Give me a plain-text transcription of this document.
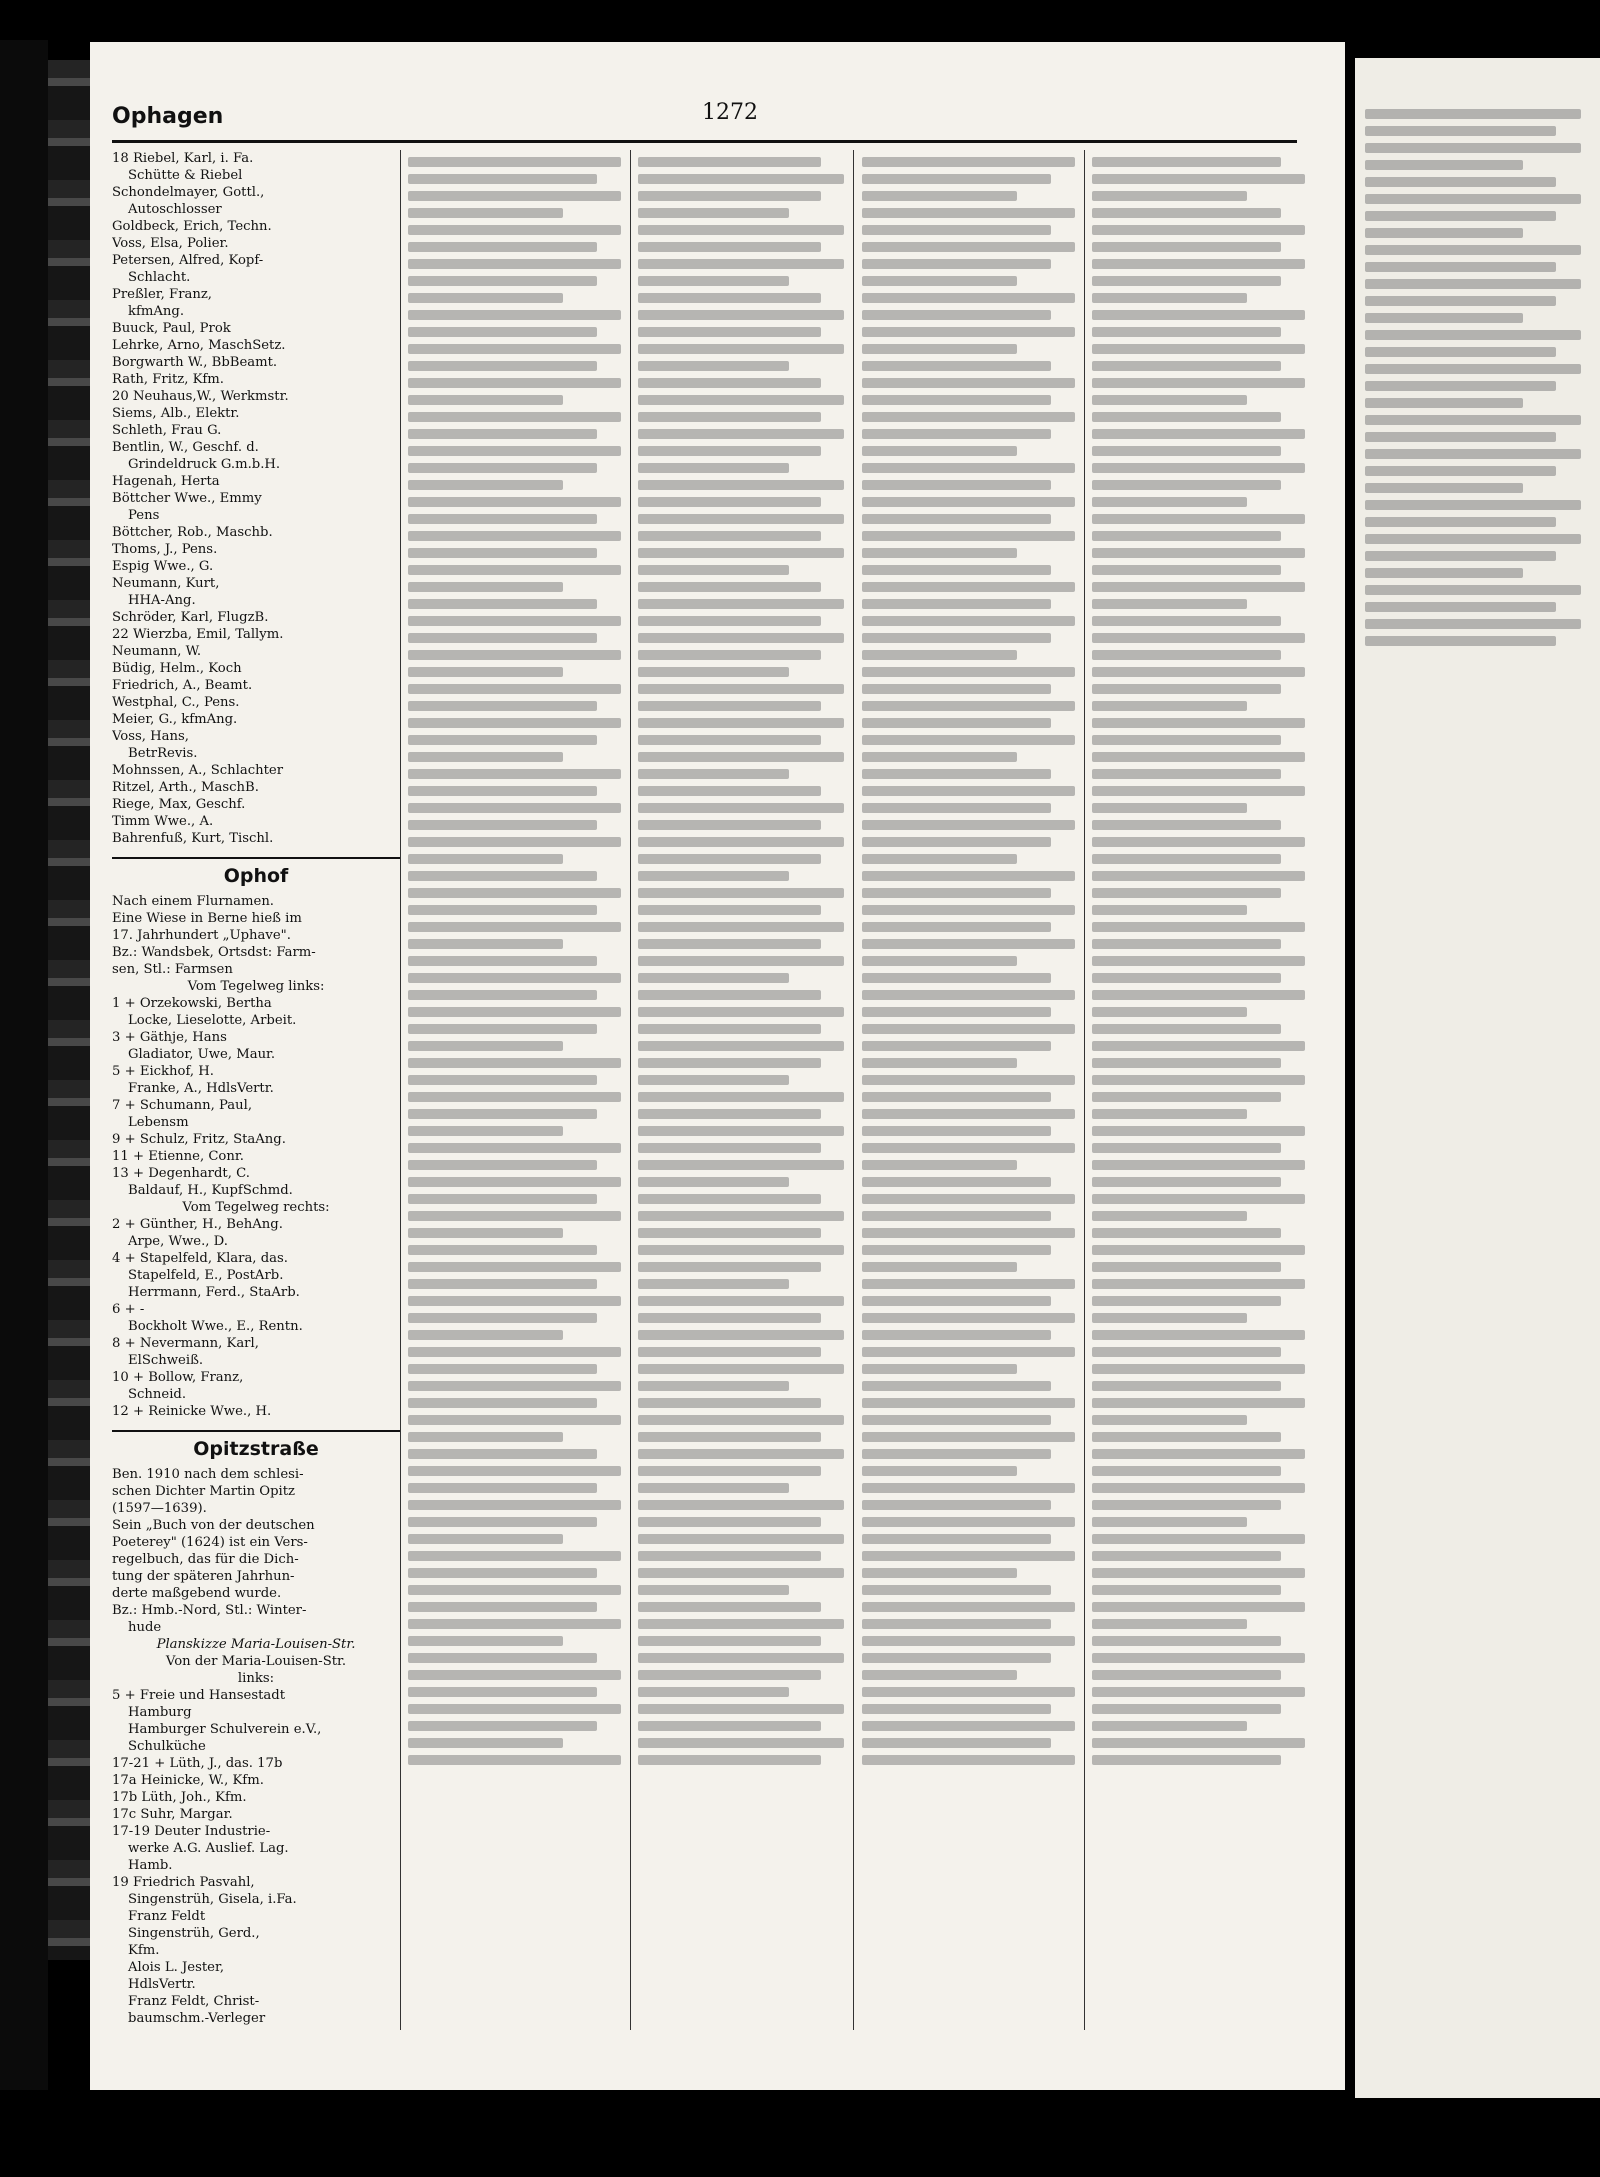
Ophagen	1272
18 Riebel, Karl, i. Fa.
Schütte & Riebel
Schondelmayer, Gottl.,
Autoschlosser
Goldbeck, Erich, Techn.
Voss, Elsa, Polier.
Petersen, Alfred, Kopf-
Schlacht.
Preßler, Franz,
kfmAng.
Buuck, Paul, Prok
Lehrke, Arno, MaschSetz.
Borgwarth W., BbBeamt.
Rath, Fritz, Kfm.
20 Neuhaus,W., Werkmstr.
Siems, Alb., Elektr.
Schleth, Frau G.
Bentlin, W., Geschf. d.
Grindeldruck G.m.b.H.
Hagenah, Herta
Böttcher Wwe., Emmy
Pens
Böttcher, Rob., Maschb.
Thoms, J., Pens.
Espig Wwe., G.
Neumann, Kurt,
HHA-Ang.
Schröder, Karl, FlugzB.
22 Wierzba, Emil, Tallym.
Neumann, W.
Büdig, Helm., Koch
Friedrich, A., Beamt.
Westphal, C., Pens.
Meier, G., kfmAng.
Voss, Hans,
BetrRevis.
Mohnssen, A., Schlachter
Ritzel, Arth., MaschB.
Riege, Max, Geschf.
Timm Wwe., A.
Bahrenfuß, Kurt, Tischl.
Ophof
Nach einem Flurnamen.
Eine Wiese in Berne hieß im
17. Jahrhundert „Uphave".
Bz.: Wandsbek, Ortsdst: Farm-
sen, Stl.: Farmsen
Vom Tegelweg links:
1 + Orzekowski, Bertha
Locke, Lieselotte, Arbeit.
3 + Gäthje, Hans
Gladiator, Uwe, Maur.
5 + Eickhof, H.
Franke, A., HdlsVertr.
7 + Schumann, Paul,
Lebensm
9 + Schulz, Fritz, StaAng.
11 + Etienne, Conr.
13 + Degenhardt, C.
Baldauf, H., KupfSchmd.
Vom Tegelweg rechts:
2 + Günther, H., BehAng.
Arpe, Wwe., D.
4 + Stapelfeld, Klara, das.
Stapelfeld, E., PostArb.
Herrmann, Ferd., StaArb.
6 + -
Bockholt Wwe., E., Rentn.
8 + Nevermann, Karl,
ElSchweiß.
10 + Bollow, Franz,
Schneid.
12 + Reinicke Wwe., H.
Opitzstraße
Ben. 1910 nach dem schlesi-
schen Dichter Martin Opitz
(1597—1639).
Sein „Buch von der deutschen
Poeterey" (1624) ist ein Vers-
regelbuch, das für die Dich-
tung der späteren Jahrhun-
derte maßgebend wurde.
Bz.: Hmb.-Nord, Stl.: Winter-
hude
Planskizze Maria-Louisen-Str.
Von der Maria-Louisen-Str.
links:
5 + Freie und Hansestadt
Hamburg
Hamburger Schulverein e.V.,
Schulküche
17-21 + Lüth, J., das. 17b
17a Heinicke, W., Kfm.
17b Lüth, Joh., Kfm.
17c Suhr, Margar.
17-19 Deuter Industrie-
werke A.G. Auslief. Lag.
Hamb.
19 Friedrich Pasvahl,
Singenstrüh, Gisela, i.Fa.
Franz Feldt
Singenstrüh, Gerd.,
Kfm.
Alois L. Jester,
HdlsVertr.
Franz Feldt, Christ-
baumschm.-Verleger
